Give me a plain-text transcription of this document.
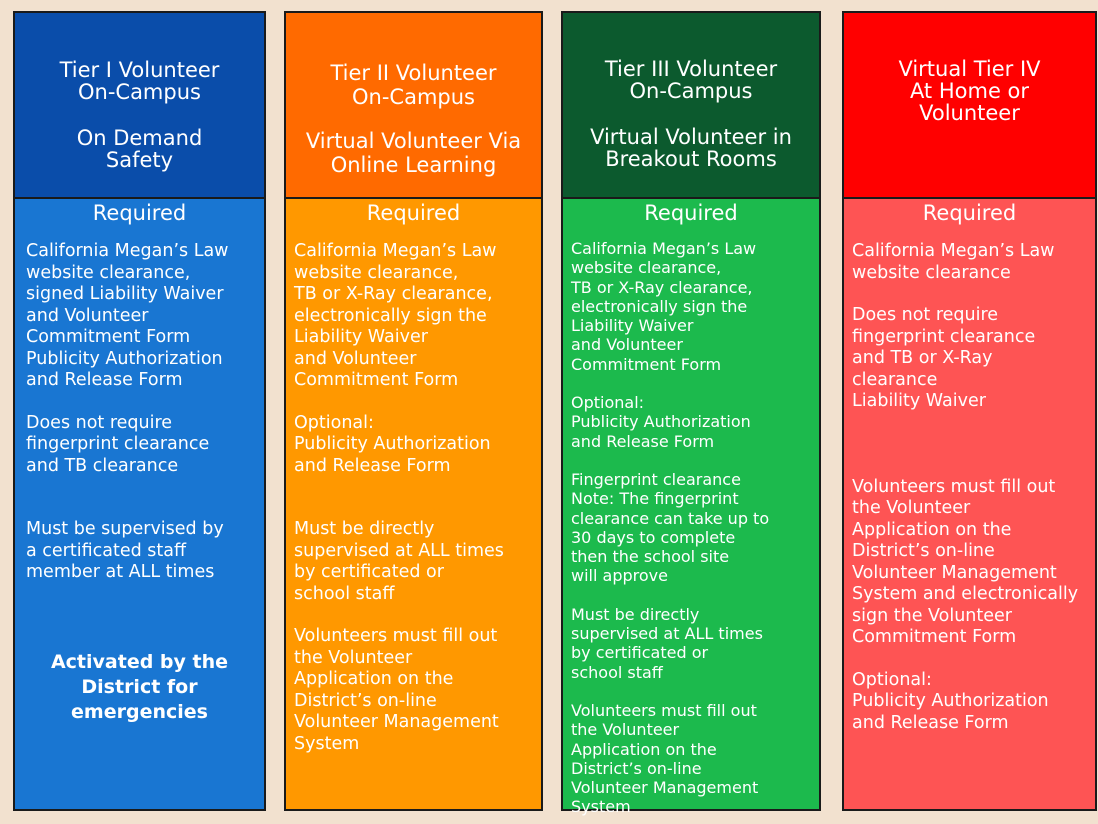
Tier I Volunteer
On-Campus
On Demand
Safety
Required
California Megan’s Law
website clearance,
signed Liability Waiver
and Volunteer
Commitment Form
Publicity Authorization
and Release Form
Does not require
fingerprint clearance
and TB clearance
Must be supervised by
a certificated staff
member at ALL times
Activated by the
District for
emergencies
Tier II Volunteer
On-Campus
Virtual Volunteer Via
Online Learning
Required
California Megan’s Law
website clearance,
TB or X-Ray clearance,
electronically sign the
Liability Waiver
and Volunteer
Commitment Form
Optional:
Publicity Authorization
and Release Form
Must be directly
supervised at ALL times
by certificated or
school staff
Volunteers must fill out
the Volunteer
Application on the
District’s on-line
Volunteer Management
System
Tier III Volunteer
On-Campus
Virtual Volunteer in
Breakout Rooms
Required
California Megan’s Law
website clearance,
TB or X-Ray clearance,
electronically sign the
Liability Waiver
and Volunteer
Commitment Form
Optional:
Publicity Authorization
and Release Form
Fingerprint clearance
Note: The fingerprint
clearance can take up to
30 days to complete
then the school site
will approve
Must be directly
supervised at ALL times
by certificated or
school staff
Volunteers must fill out
the Volunteer
Application on the
District’s on-line
Volunteer Management
System
Virtual Tier IV
At Home or
Volunteer
Required
California Megan’s Law
website clearance
Does not require
fingerprint clearance
and TB or X-Ray
clearance
Liability Waiver
Volunteers must fill out
the Volunteer
Application on the
District’s on-line
Volunteer Management
System and electronically
sign the Volunteer
Commitment Form
Optional:
Publicity Authorization
and Release Form
